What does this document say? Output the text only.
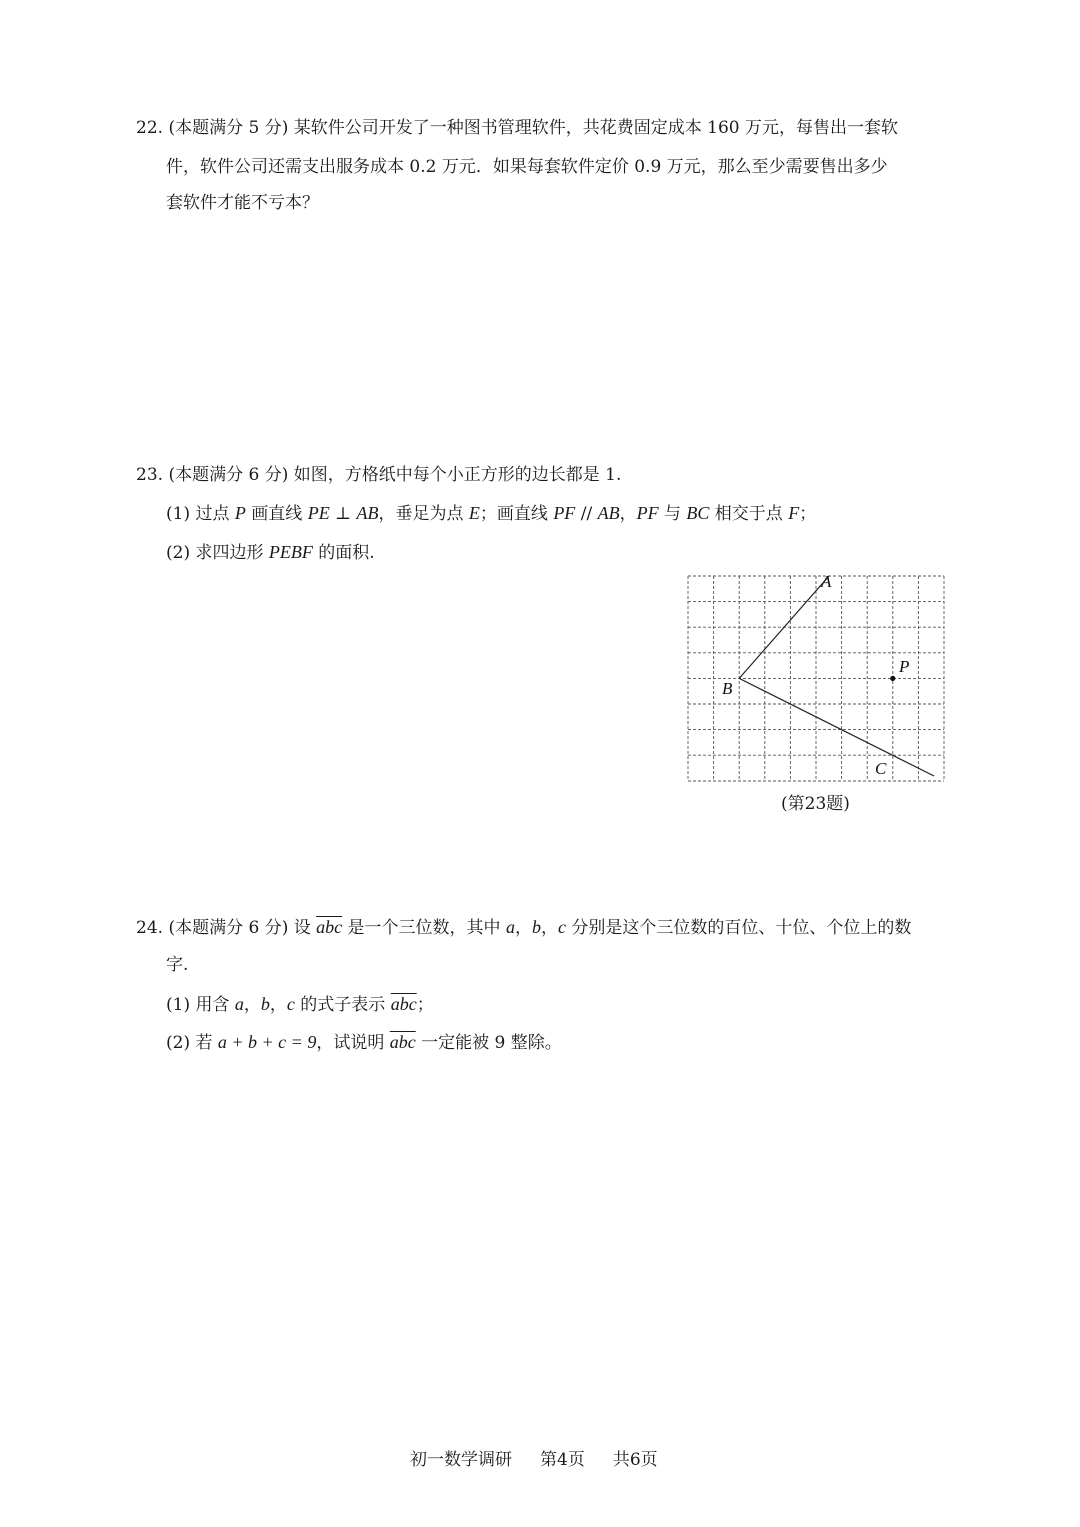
22. (本题满分 5 分) 某软件公司开发了一种图书管理软件，共花费固定成本 160 万元，每售出一套软
件，软件公司还需支出服务成本 0.2 万元．如果每套软件定价 0.9 万元，那么至少需要售出多少
套软件才能不亏本？
23. (本题满分 6 分) 如图，方格纸中每个小正方形的边长都是 1.
(1) 过点 P 画直线 PE ⊥ AB，垂足为点 E；画直线 PF // AB，PF 与 BC 相交于点 F；
(2) 求四边形 PEBF 的面积.
A
B
C
P
(第23题)
24. (本题满分 6 分) 设 $\overline{abc}$ 是一个三位数，其中 a，b，c 分别是这个三位数的百位、十位、个位上的数
字.
(1) 用含 a，b，c 的式子表示 $\overline{abc}$；
(2) 若 a + b + c = 9，试说明 $\overline{abc}$ 一定能被 9 整除。
初一数学调研 第4页 共6页
